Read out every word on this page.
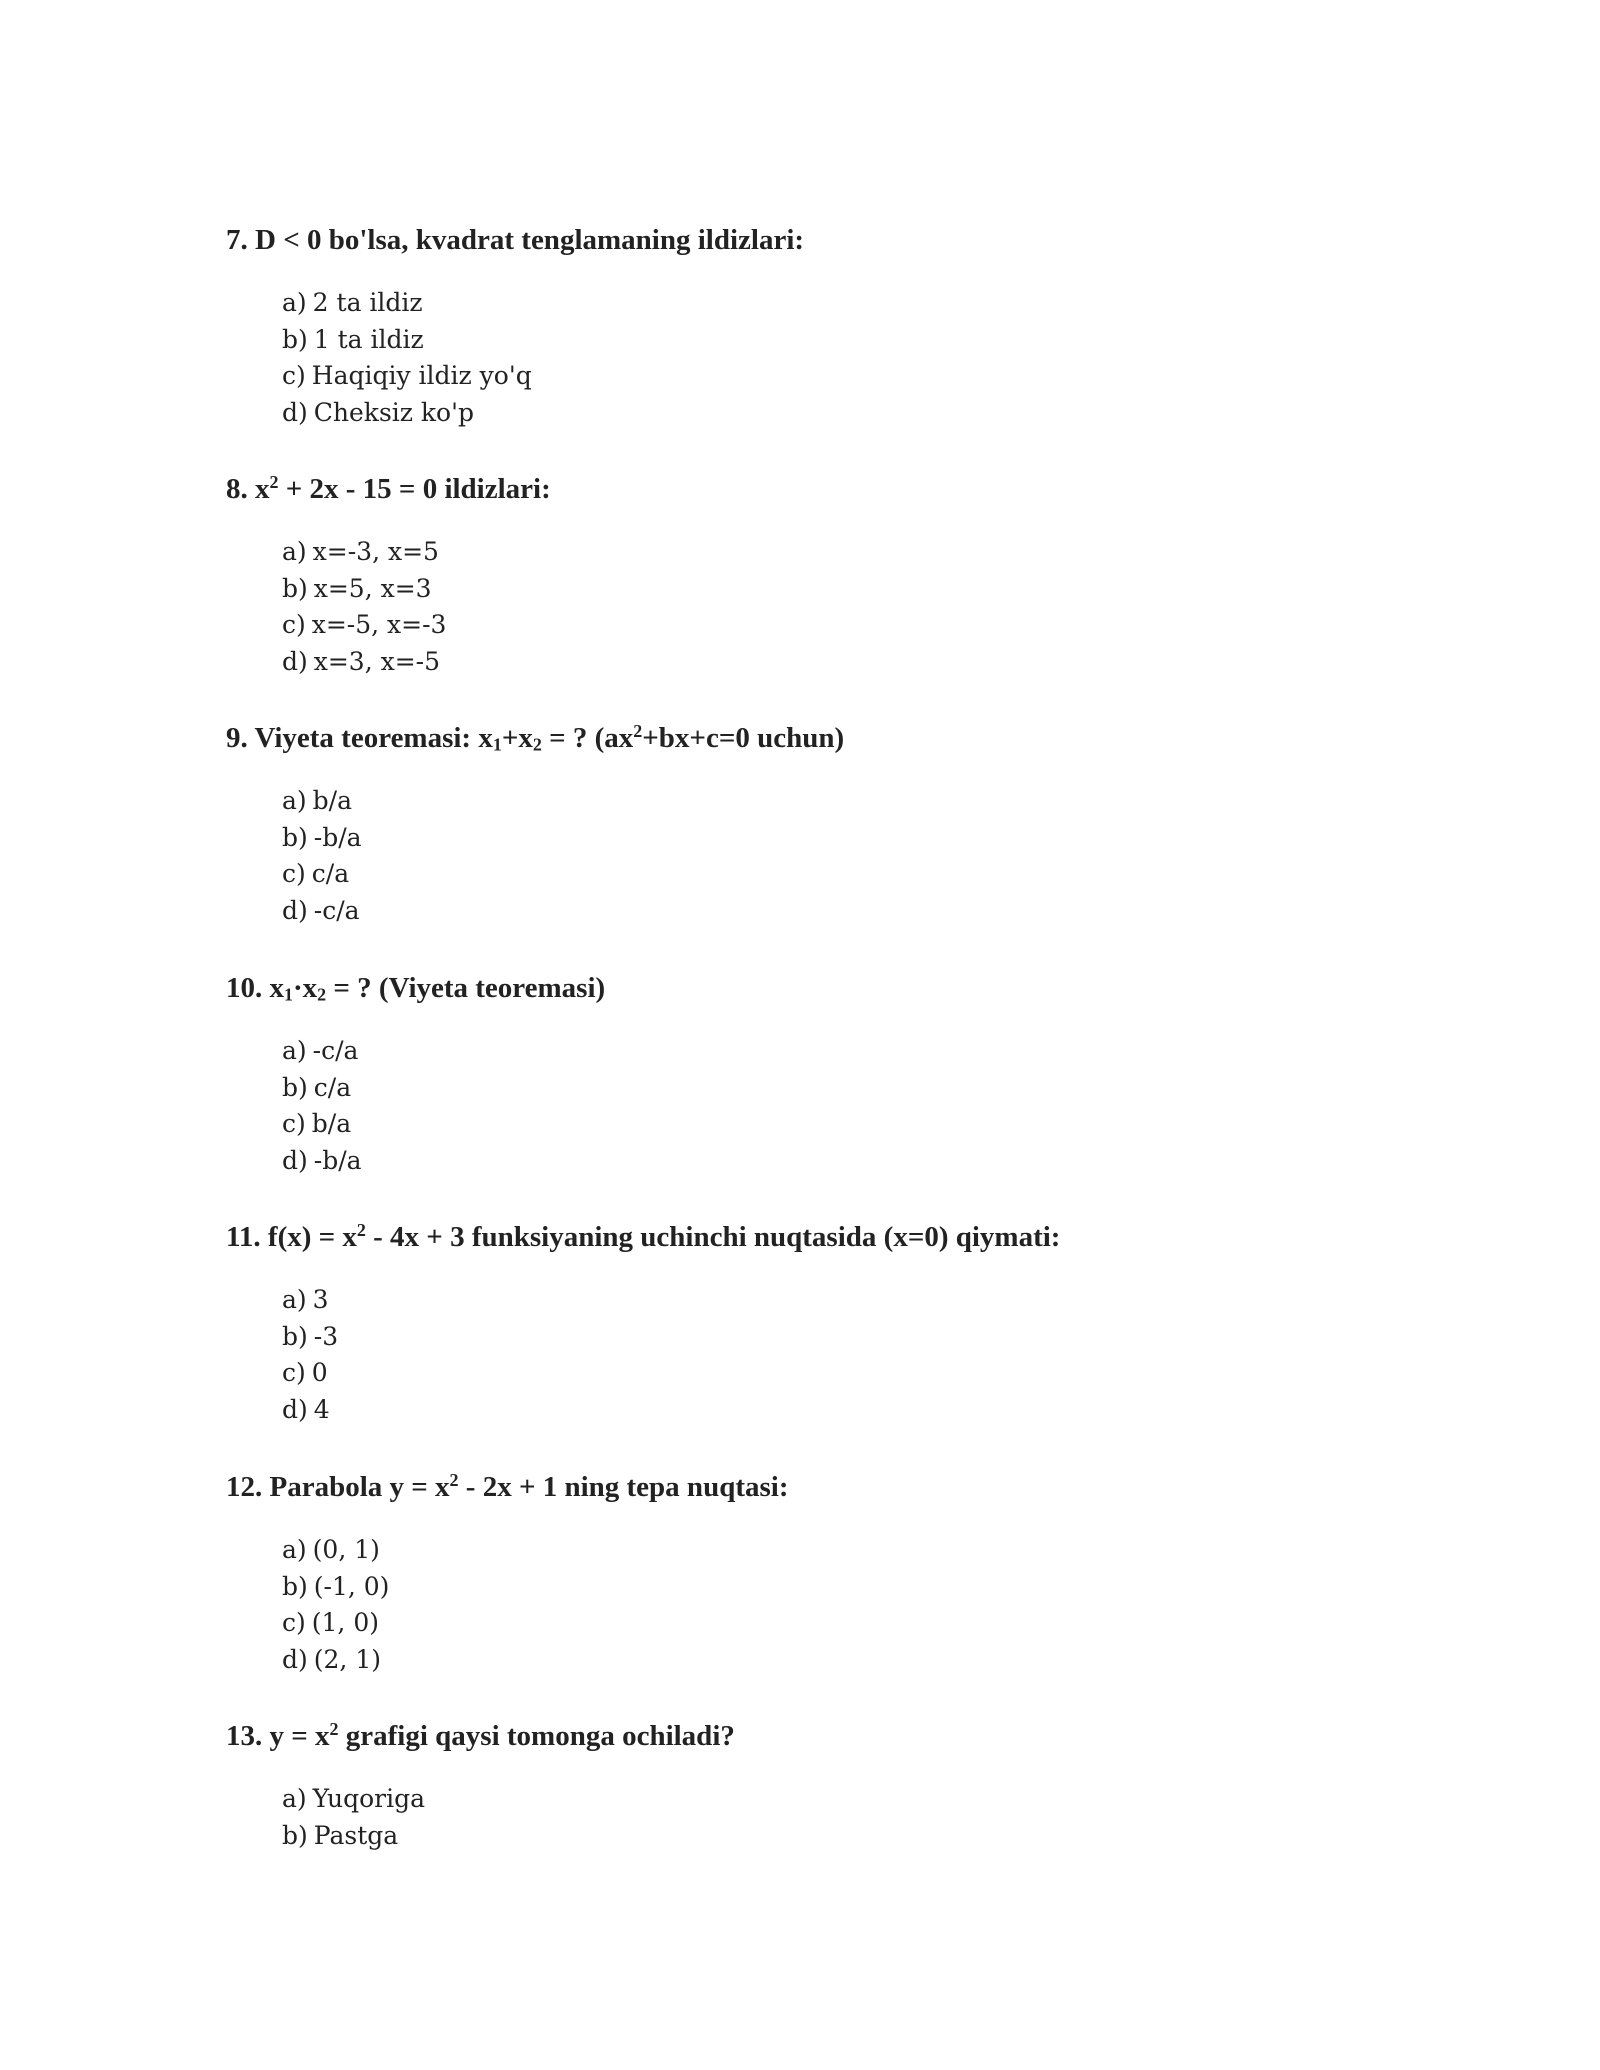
7. D < 0 bo'lsa, kvadrat tenglamaning ildizlari:

a) 2 ta ildiz
b) 1 ta ildiz
c) Haqiqiy ildiz yo'q
d) Cheksiz ko'p

8. $x^2 + 2x - 15 = 0$ ildizlari:

a) x=-3, x=5
b) x=5, x=3
c) x=-5, x=-3
d) x=3, x=-5

9. Viyeta teoremasi: $x_1+x_2$ = ? ($ax^2+bx+c=0$ uchun)

a) b/a
b) -b/a
c) c/a
d) -c/a

10. $x_1\cdot x_2$ = ? (Viyeta teoremasi)

a) -c/a
b) c/a
c) b/a
d) -b/a

11. $f(x) = x^2 - 4x + 3$ funksiyaning uchinchi nuqtasida (x=0) qiymati:

a) 3
b) -3
c) 0
d) 4

12. Parabola $y = x^2 - 2x + 1$ ning tepa nuqtasi:

a) (0, 1)
b) (-1, 0)
c) (1, 0)
d) (2, 1)

13. $y = x^2$ grafigi qaysi tomonga ochiladi?

a) Yuqoriga
b) Pastga
